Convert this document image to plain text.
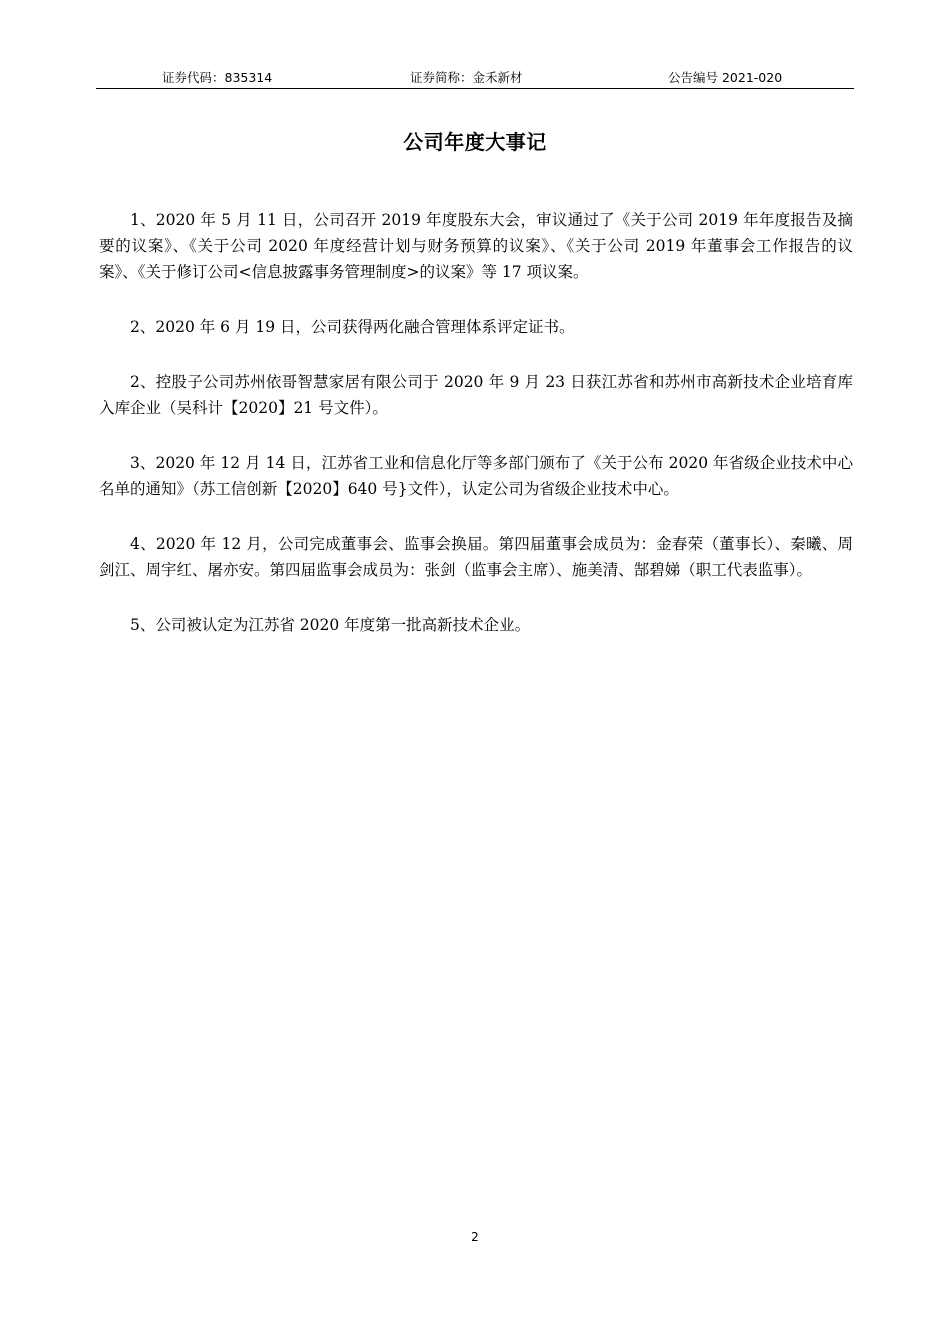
证券代码：835314	证券简称：金禾新材	公告编号 2021-020
公司年度大事记

1、2020 年 5 月 11 日，公司召开 2019 年度股东大会，审议通过了《关于公司 2019 年年度报告及摘要的议案》、《关于公司 2020 年度经营计划与财务预算的议案》、《关于公司 2019 年董事会工作报告的议案》、《关于修订公司<信息披露事务管理制度>的议案》等 17 项议案。

2、2020 年 6 月 19 日，公司获得两化融合管理体系评定证书。

2、控股子公司苏州依哥智慧家居有限公司于 2020 年 9 月 23 日获江苏省和苏州市高新技术企业培育库入库企业（吴科计【2020】21 号文件）。

3、2020 年 12 月 14 日，江苏省工业和信息化厅等多部门颁布了《关于公布 2020 年省级企业技术中心名单的通知》（苏工信创新【2020】640 号}文件），认定公司为省级企业技术中心。

4、2020 年 12 月，公司完成董事会、监事会换届。第四届董事会成员为：金春荣（董事长）、秦曦、周剑江、周宇红、屠亦安。第四届监事会成员为：张剑（监事会主席）、施美清、郜碧娣（职工代表监事）。

5、公司被认定为江苏省 2020 年度第一批高新技术企业。

2
